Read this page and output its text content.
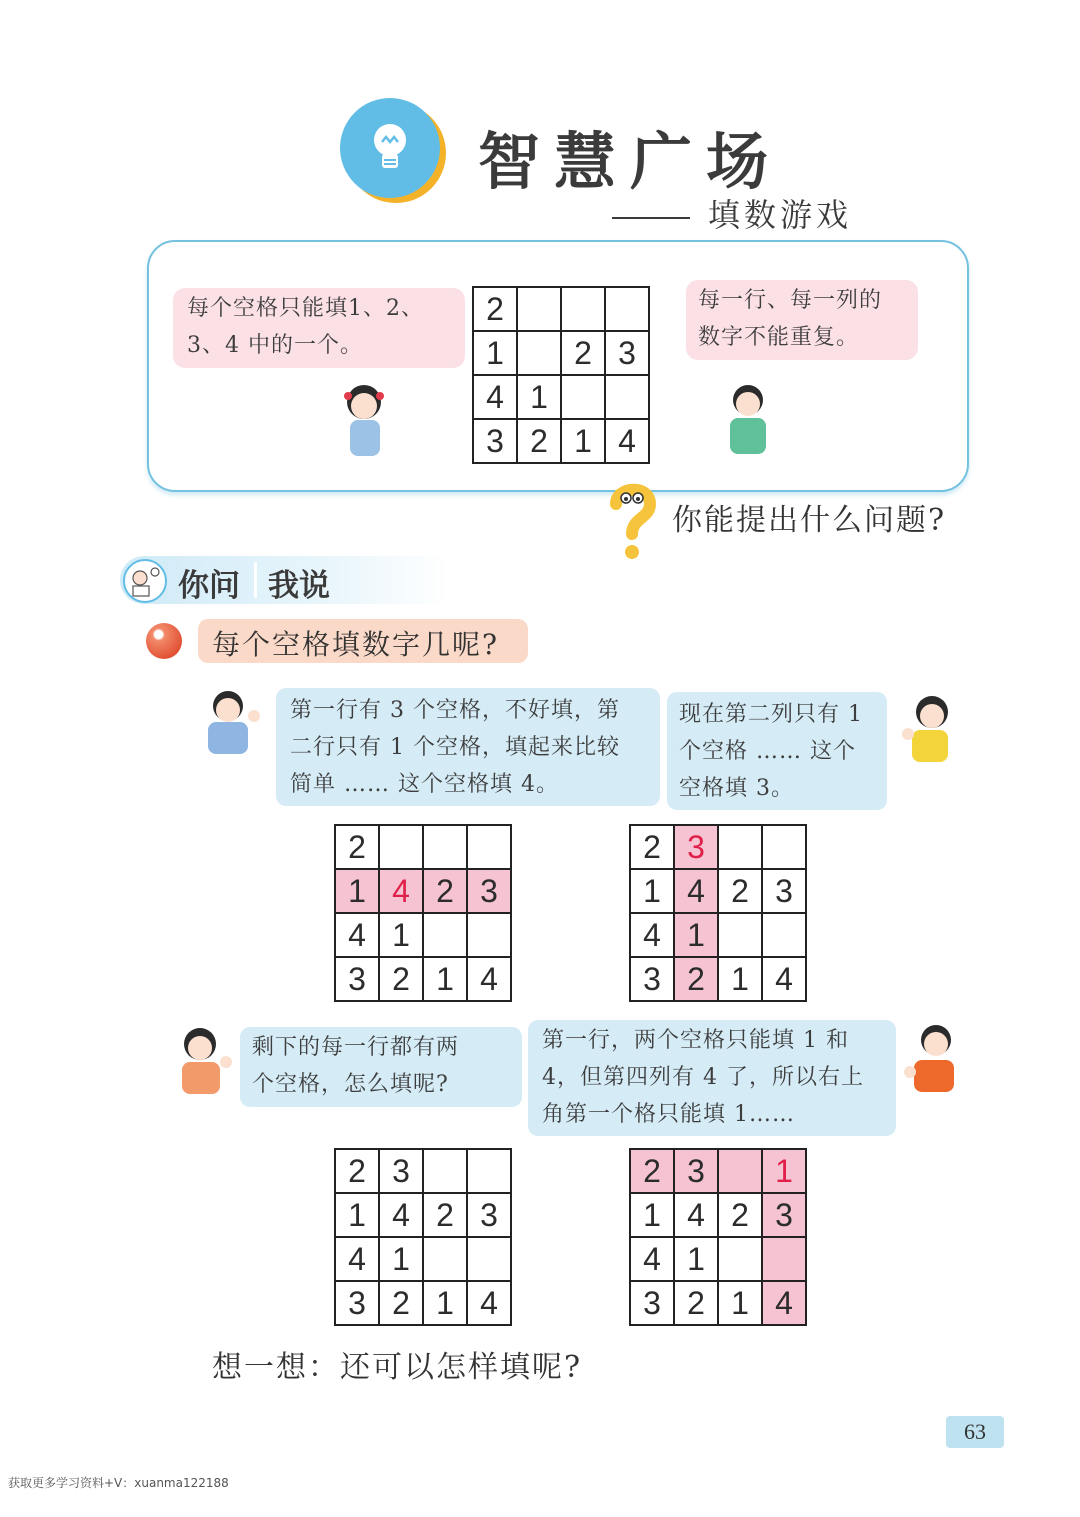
智慧广场
填数游戏
每个空格只能填1、2、
3、4 中的一个。
2			
1		2	3
4	1		
3	2	1	4
每一行、每一列的
数字不能重复。
你能提出什么问题?
你问 我说
每个空格填数字几呢?
第一行有 3 个空格，不好填，第
二行只有 1 个空格，填起来比较
简单 …… 这个空格填 4。
现在第二列只有 1
个空格 …… 这个
空格填 3。
2			
1	4	2	3
4	1		
3	2	1	4
2	3		
1	4	2	3
4	1		
3	2	1	4
剩下的每一行都有两
个空格，怎么填呢?
第一行，两个空格只能填 1 和
4，但第四列有 4 了，所以右上
角第一个格只能填 1……
2	3		
1	4	2	3
4	1		
3	2	1	4
2	3		1
1	4	2	3
4	1		
3	2	1	4
想一想：还可以怎样填呢?
63
获取更多学习资料+V：xuanma122188
